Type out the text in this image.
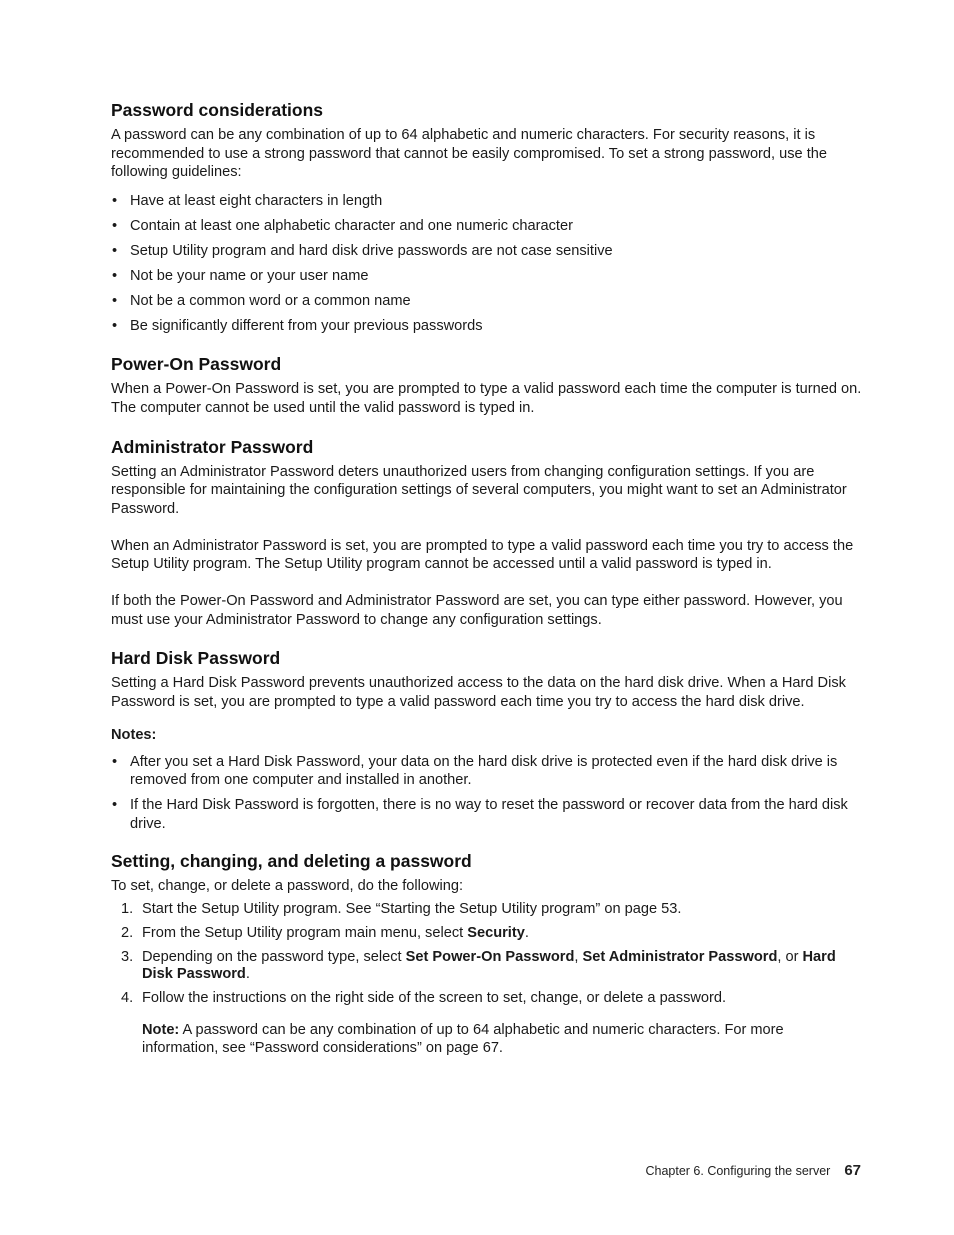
Password considerations

A password can be any combination of up to 64 alphabetic and numeric characters. For security reasons, it is recommended to use a strong password that cannot be easily compromised. To set a strong password, use the following guidelines:

• Have at least eight characters in length
• Contain at least one alphabetic character and one numeric character
• Setup Utility program and hard disk drive passwords are not case sensitive
• Not be your name or your user name
• Not be a common word or a common name
• Be significantly different from your previous passwords
Power-On Password

When a Power-On Password is set, you are prompted to type a valid password each time the computer is turned on. The computer cannot be used until the valid password is typed in.

Administrator Password

Setting an Administrator Password deters unauthorized users from changing configuration settings. If you are responsible for maintaining the configuration settings of several computers, you might want to set an Administrator Password.

When an Administrator Password is set, you are prompted to type a valid password each time you try to access the Setup Utility program. The Setup Utility program cannot be accessed until a valid password is typed in.

If both the Power-On Password and Administrator Password are set, you can type either password. However, you must use your Administrator Password to change any configuration settings.

Hard Disk Password

Setting a Hard Disk Password prevents unauthorized access to the data on the hard disk drive. When a Hard Disk Password is set, you are prompted to type a valid password each time you try to access the hard disk drive.

Notes:
• After you set a Hard Disk Password, your data on the hard disk drive is protected even if the hard disk drive is removed from one computer and installed in another.
• If the Hard Disk Password is forgotten, there is no way to reset the password or recover data from the hard disk drive.
Setting, changing, and deleting a password

To set, change, or delete a password, do the following:

1. Start the Setup Utility program. See “Starting the Setup Utility program” on page 53.
2. From the Setup Utility program main menu, select Security.
3. Depending on the password type, select Set Power-On Password, Set Administrator Password, or Hard Disk Password.
4. Follow the instructions on the right side of the screen to set, change, or delete a password.
Note: A password can be any combination of up to 64 alphabetic and numeric characters. For more information, see “Password considerations” on page 67.
Chapter 6. Configuring the server 67
